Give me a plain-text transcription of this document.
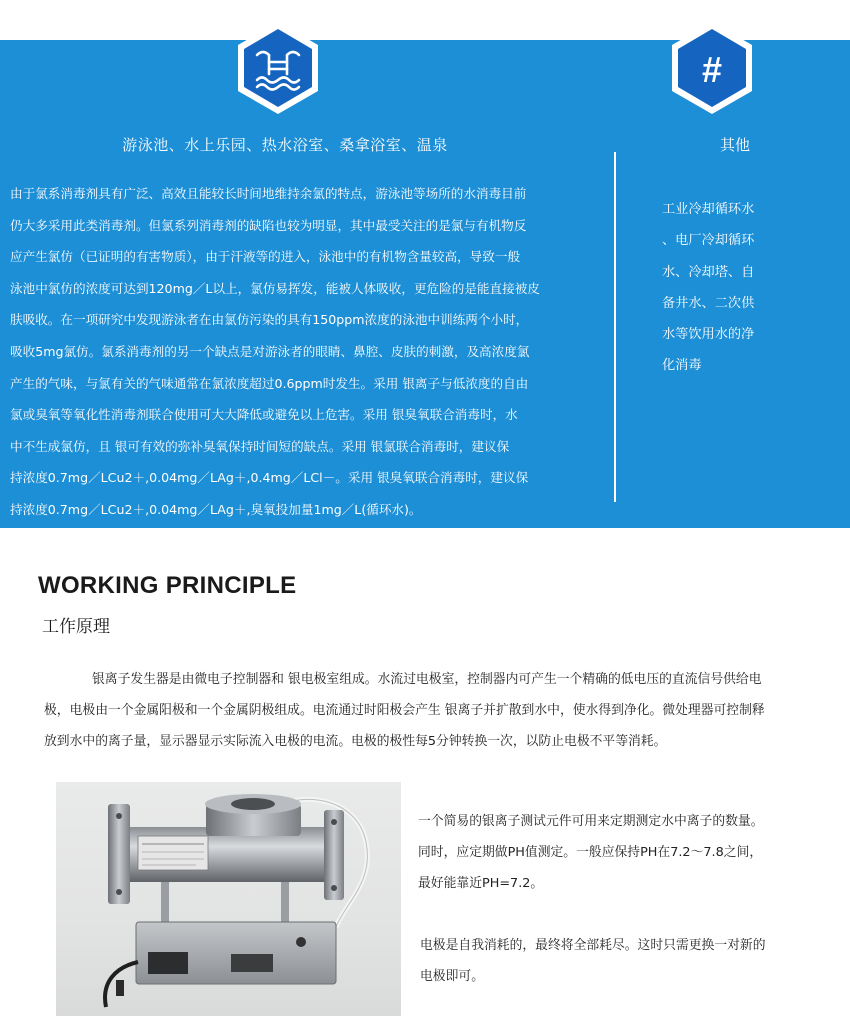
#
游泳池、水上乐园、热水浴室、桑拿浴室、温泉	其他
由于氯系消毒剂具有广泛、高效且能较长时间地维持余氯的特点，游泳池等场所的水消毒目前
仍大多采用此类消毒剂。但氯系列消毒剂的缺陷也较为明显，其中最受关注的是氯与有机物反
应产生氯仿（已证明的有害物质），由于汗液等的进入，泳池中的有机物含量较高，导致一般
泳池中氯仿的浓度可达到120mg／L以上，氯仿易挥发，能被人体吸收，更危险的是能直接被皮
肤吸收。在一项研究中发现游泳者在由氯仿污染的具有150ppm浓度的泳池中训练两个小时，
吸收5mg氯仿。氯系消毒剂的另一个缺点是对游泳者的眼睛、鼻腔、皮肤的刺激，及高浓度氯
产生的气味，与氯有关的气味通常在氯浓度超过0.6ppm时发生。采用 银离子与低浓度的自由
氯或臭氧等氧化性消毒剂联合使用可大大降低或避免以上危害。采用 银臭氧联合消毒时，水
中不生成氯仿，且 银可有效的弥补臭氧保持时间短的缺点。采用 银氯联合消毒时，建议保
持浓度0.7mg／LCu2＋,0.04mg／LAg＋,0.4mg／LCl－。采用 银臭氧联合消毒时，建议保
持浓度0.7mg／LCu2＋,0.04mg／LAg＋,臭氧投加量1mg／L(循环水)。
工业冷却循环水
、电厂冷却循环
水、冷却塔、自
备井水、二次供
水等饮用水的净
化消毒
WORKING PRINCIPLE
工作原理
银离子发生器是由微电子控制器和 银电极室组成。水流过电极室，控制器内可产生一个精确的低电压的直流信号供给电
极，电极由一个金属阳极和一个金属阴极组成。电流通过时阳极会产生 银离子并扩散到水中，使水得到净化。微处理器可控制释
放到水中的离子量，显示器显示实际流入电极的电流。电极的极性每5分钟转换一次，以防止电极不平等消耗。
一个简易的银离子测试元件可用来定期测定水中离子的数量。
同时，应定期做PH值测定。一般应保持PH在7.2～7.8之间，
最好能靠近PH=7.2。
电极是自我消耗的，最终将全部耗尽。这时只需更换一对新的
电极即可。
